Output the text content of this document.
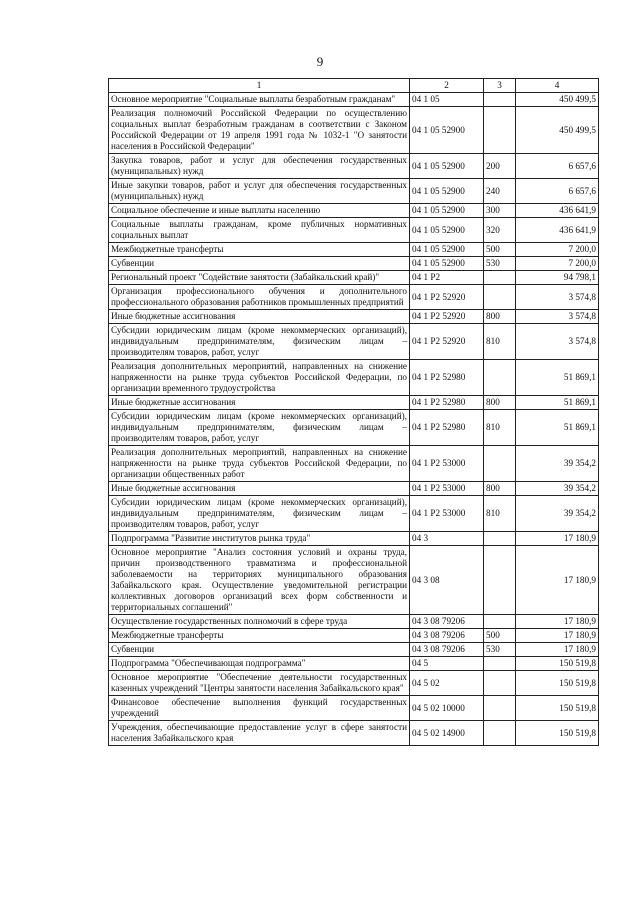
9
1	2	3	4
Основное мероприятие "Социальные выплаты безработным гражданам"	04 1 05		450 499,5
Реализация полномочий Российской Федерации по осуществлению социальных выплат безработным гражданам в соответствии с Законом Российской Федерации от 19 апреля 1991 года № 1032-1 "О занятости населения в Российской Федерации"	04 1 05 52900		450 499,5
Закупка товаров, работ и услуг для обеспечения государственных (муниципальных) нужд	04 1 05 52900	200	6 657,6
Иные закупки товаров, работ и услуг для обеспечения государственных (муниципальных) нужд	04 1 05 52900	240	6 657,6
Социальное обеспечение и иные выплаты населению	04 1 05 52900	300	436 641,9
Социальные выплаты гражданам, кроме публичных нормативных социальных выплат	04 1 05 52900	320	436 641,9
Межбюджетные трансферты	04 1 05 52900	500	7 200,0
Субвенции	04 1 05 52900	530	7 200,0
Региональный проект "Содействие занятости (Забайкальский край)"	04 1 P2		94 798,1
Организация профессионального обучения и дополнительного профессионального образования работников промышленных предприятий	04 1 P2 52920		3 574,8
Иные бюджетные ассигнования	04 1 P2 52920	800	3 574,8
Субсидии юридическим лицам (кроме некоммерческих организаций), индивидуальным предпринимателям, физическим лицам – производителям товаров, работ, услуг	04 1 P2 52920	810	3 574,8
Реализация дополнительных мероприятий, направленных на снижение напряженности на рынке труда субъектов Российской Федерации, по организации временного трудоустройства	04 1 P2 52980		51 869,1
Иные бюджетные ассигнования	04 1 P2 52980	800	51 869,1
Субсидии юридическим лицам (кроме некоммерческих организаций), индивидуальным предпринимателям, физическим лицам – производителям товаров, работ, услуг	04 1 P2 52980	810	51 869,1
Реализация дополнительных мероприятий, направленных на снижение напряженности на рынке труда субъектов Российской Федерации, по организации общественных работ	04 1 P2 53000		39 354,2
Иные бюджетные ассигнования	04 1 P2 53000	800	39 354,2
Субсидии юридическим лицам (кроме некоммерческих организаций), индивидуальным предпринимателям, физическим лицам – производителям товаров, работ, услуг	04 1 P2 53000	810	39 354,2
Подпрограмма "Развитие институтов рынка труда"	04 3		17 180,9
Основное мероприятие "Анализ состояния условий и охраны труда, причин производственного травматизма и профессиональной заболеваемости на территориях муниципального образования Забайкальского края. Осуществление уведомительной регистрации коллективных договоров организаций всех форм собственности и территориальных соглашений"	04 3 08		17 180,9
Осуществление государственных полномочий в сфере труда	04 3 08 79206		17 180,9
Межбюджетные трансферты	04 3 08 79206	500	17 180,9
Субвенции	04 3 08 79206	530	17 180,9
Подпрограмма "Обеспечивающая подпрограмма"	04 5		150 519,8
Основное мероприятие "Обеспечение деятельности государственных казенных учреждений "Центры занятости населения Забайкальского края"	04 5 02		150 519,8
Финансовое обеспечение выполнения функций государственных учреждений	04 5 02 10000		150 519,8
Учреждения, обеспечивающие предоставление услуг в сфере занятости населения Забайкальского края	04 5 02 14900		150 519,8
